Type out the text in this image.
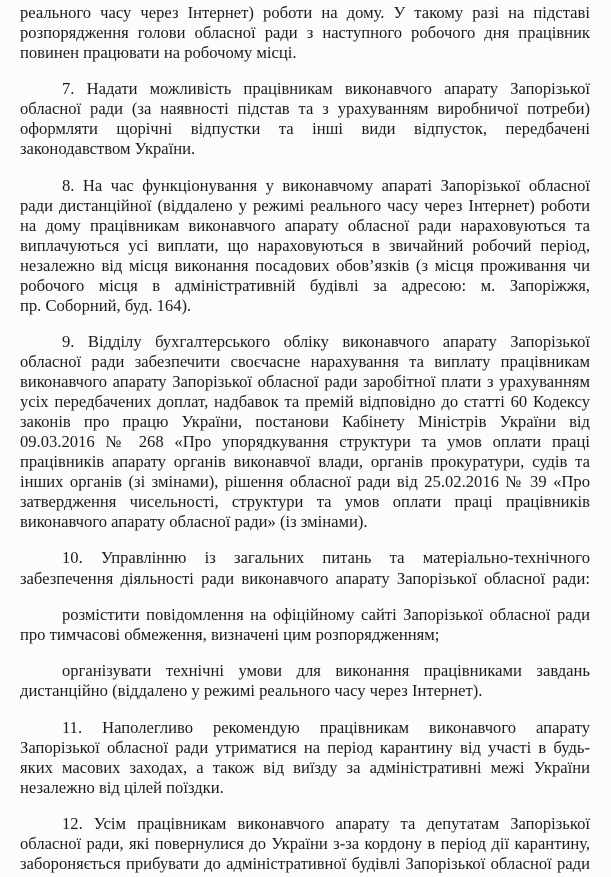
реального часу через Інтернет) роботи на дому. У такому разі на підставі
розпорядження голови обласної ради з наступного робочого дня працівник
повинен працювати на робочому місці.
7. Надати можливість працівникам виконавчого апарату Запорізької
обласної ради (за наявності підстав та з урахуванням виробничої потреби)
оформляти щорічні відпустки та інші види відпусток, передбачені
законодавством України.
8. На час функціонування у виконавчому апараті Запорізької обласної
ради дистанційної (віддалено у режимі реального часу через Інтернет) роботи
на дому працівникам виконавчого апарату обласної ради нараховуються та
виплачуються усі виплати, що нараховуються в звичайний робочий період,
незалежно від місця виконання посадових обов’язків (з місця проживання чи
робочого місця в адміністративній будівлі за адресою: м. Запоріжжя,
пр. Соборний, буд. 164).
9. Відділу бухгалтерського обліку виконавчого апарату Запорізької
обласної ради забезпечити своєчасне нарахування та виплату працівникам
виконавчого апарату Запорізької обласної ради заробітної плати з урахуванням
усіх передбачених доплат, надбавок та премій відповідно до статті 60 Кодексу
законів про працю України, постанови Кабінету Міністрів України від
09.03.2016 № 268 «Про упорядкування структури та умов оплати праці
працівників апарату органів виконавчої влади, органів прокуратури, судів та
інших органів (зі змінами), рішення обласної ради від 25.02.2016 № 39 «Про
затвердження чисельності, структури та умов оплати праці працівників
виконавчого апарату обласної ради» (із змінами).
10. Управлінню із загальних питань та матеріально-технічного
забезпечення діяльності ради виконавчого апарату Запорізької обласної ради:
розмістити повідомлення на офіційному сайті Запорізької обласної ради
про тимчасові обмеження, визначені цим розпорядженням;
організувати технічні умови для виконання працівниками завдань
дистанційно (віддалено у режимі реального часу через Інтернет).
11. Наполегливо рекомендую працівникам виконавчого апарату
Запорізької обласної ради утриматися на період карантину від участі в будь-
яких масових заходах, а також від виїзду за адміністративні межі України
незалежно від цілей поїздки.
12. Усім працівникам виконавчого апарату та депутатам Запорізької
обласної ради, які повернулися до України з-за кордону в період дії карантину,
забороняється прибувати до адміністративної будівлі Запорізької обласної ради
